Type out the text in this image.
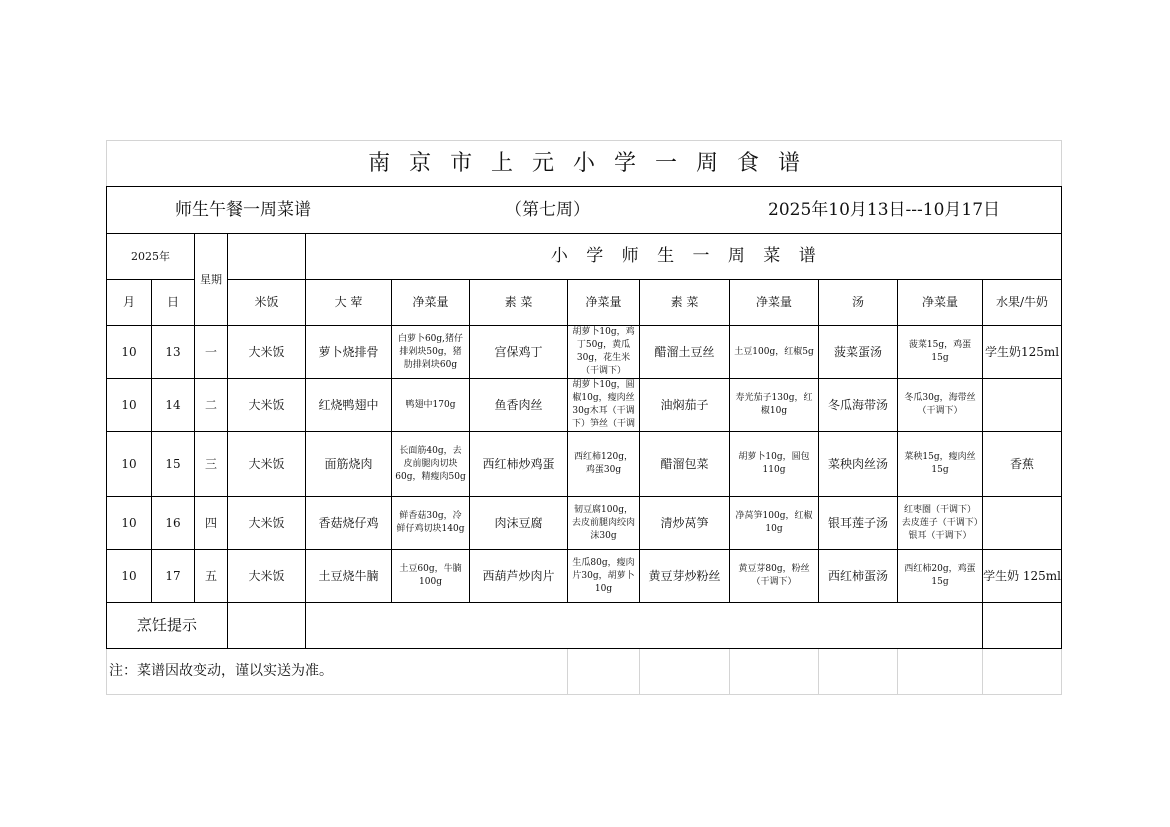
南 京 市 上 元 小 学 一 周 食 谱												

师生午餐一周菜谱 （第七周） 2025年10月13日---10月17日												

2025年		星期		小 学 师 生 一 周 菜 谱								

月	日		米饭	大 荤	净菜量	素 菜	净菜量	素 菜	净菜量	汤	净菜量	水果/牛奶

10	13	一	大米饭	萝卜烧排骨	白萝卜60g,猪仔排剁块50g，猪肋排剁块60g	宫保鸡丁	胡萝卜10g，鸡丁50g，黄瓜30g，花生米（干调下）	醋溜土豆丝	土豆100g，红椒5g	菠菜蛋汤	菠菜15g，鸡蛋15g	学生奶125ml

10	14	二	大米饭	红烧鸭翅中	鸭翅中170g	鱼香肉丝	胡萝卜10g，圆椒10g，瘦肉丝30g木耳（干调下）笋丝（干调	油焖茄子	寿光茄子130g，红椒10g	冬瓜海带汤	冬瓜30g，海带丝（干调下）	

10	15	三	大米饭	面筋烧肉	长面筋40g，去皮前腿肉切块60g，精瘦肉50g	西红柿炒鸡蛋	西红柿120g，鸡蛋30g	醋溜包菜	胡萝卜10g，圆包110g	菜秧肉丝汤	菜秧15g，瘦肉丝15g	香蕉

10	16	四	大米饭	香菇烧仔鸡	鲜香菇30g，冷鲜仔鸡切块140g	肉沫豆腐	韧豆腐100g，去皮前腿肉绞肉沫30g	清炒莴笋	净莴笋100g，红椒10g	银耳莲子汤	红枣圈（干调下）去皮莲子（干调下）银耳（干调下）	

10	17	五	大米饭	土豆烧牛腩	土豆60g，牛腩100g	西葫芦炒肉片	生瓜80g，瘦肉片30g，胡萝卜10g	黄豆芽炒粉丝	黄豆芽80g，粉丝（干调下）	西红柿蛋汤	西红柿20g，鸡蛋15g	学生奶 125ml

烹饪提示												

注：菜谱因故变动，谨以实送为准。												
